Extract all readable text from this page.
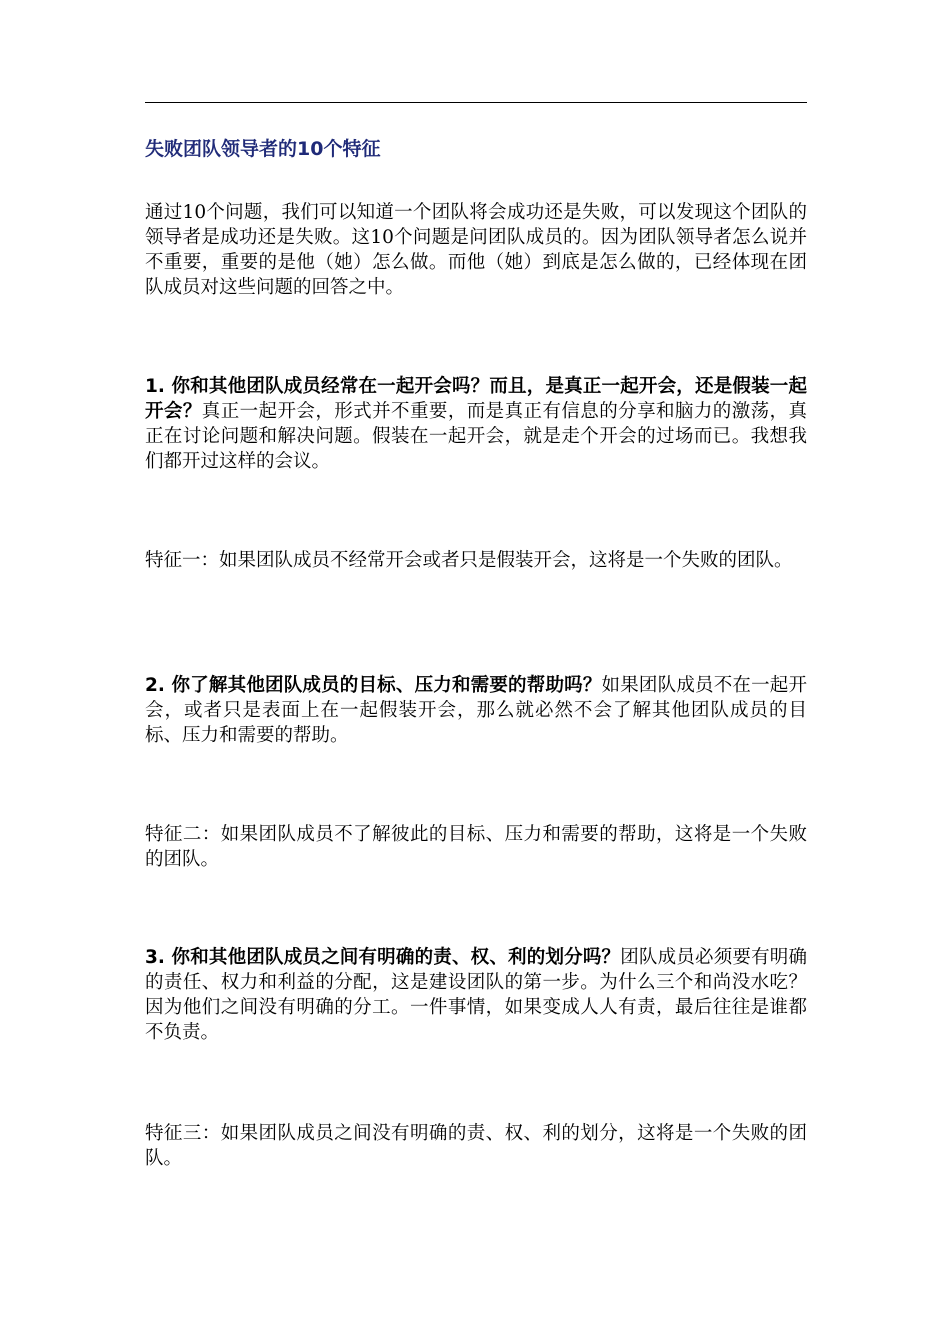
失败团队领导者的10个特征

通过10个问题，我们可以知道一个团队将会成功还是失败，可以发现这个团队的领导者是成功还是失败。这10个问题是问团队成员的。因为团队领导者怎么说并不重要，重要的是他（她）怎么做。而他（她）到底是怎么做的，已经体现在团队成员对这些问题的回答之中。

1. 你和其他团队成员经常在一起开会吗？而且，是真正一起开会，还是假装一起开会？真正一起开会，形式并不重要，而是真正有信息的分享和脑力的激荡，真正在讨论问题和解决问题。假装在一起开会，就是走个开会的过场而已。我想我们都开过这样的会议。

特征一：如果团队成员不经常开会或者只是假装开会，这将是一个失败的团队。

2. 你了解其他团队成员的目标、压力和需要的帮助吗？如果团队成员不在一起开会，或者只是表面上在一起假装开会，那么就必然不会了解其他团队成员的目标、压力和需要的帮助。

特征二：如果团队成员不了解彼此的目标、压力和需要的帮助，这将是一个失败的团队。

3. 你和其他团队成员之间有明确的责、权、利的划分吗？团队成员必须要有明确的责任、权力和利益的分配，这是建设团队的第一步。为什么三个和尚没水吃？因为他们之间没有明确的分工。一件事情，如果变成人人有责，最后往往是谁都不负责。

特征三：如果团队成员之间没有明确的责、权、利的划分，这将是一个失败的团队。
